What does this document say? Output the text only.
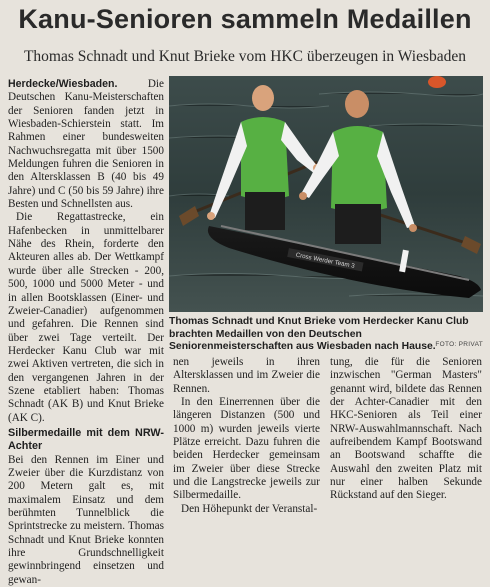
Kanu-Senioren sammeln Medaillen
Thomas Schnadt und Knut Brieke vom HKC überzeugen in Wiesbaden

Herdecke/Wiesbaden. Die Deutschen Kanu-Meisterschaften der Senioren fanden jetzt in Wiesbaden-Schierstein statt. Im Rahmen einer bundesweiten Nachwuchsregatta mit über 1500 Meldungen fuhren die Senioren in den Altersklassen B (40 bis 49 Jahre) und C (50 bis 59 Jahre) ihre Besten und Schnellsten aus.

Die Regattastrecke, ein Hafenbecken in unmittelbarer Nähe des Rhein, forderte den Akteuren alles ab. Der Wettkampf wurde über alle Strecken - 200, 500, 1000 und 5000 Meter - und in allen Bootsklassen (Einer- und Zweier-Canadier) aufgenommen und gefahren. Die Rennen sind über zwei Tage verteilt. Der Herdecker Kanu Club war mit zwei Aktiven vertreten, die sich in den vergangenen Jahren in der Szene etabliert haben: Thomas Schnadt (AK B) und Knut Brieke (AK C).

Silbermedaille mit dem NRW-Achter

Bei den Rennen im Einer und Zweier über die Kurzdistanz von 200 Metern galt es, mit maximalem Einsatz und dem berühmten Tunnelblick die Sprintstrecke zu meistern. Thomas Schnadt und Knut Brieke konnten ihre Grundschnelligkeit gewinnbringend einsetzen und gewan-

Cross Werder Team 3
Thomas Schnadt und Knut Brieke vom Herdecker Kanu Club brachten Medaillen von den Deutschen Seniorenmeisterschaften aus Wiesbaden nach Hause. FOTO: PRIVAT

nen jeweils in ihren Altersklassen und im Zweier die Rennen.

In den Einerrennen über die längeren Distanzen (500 und 1000 m) wurden jeweils vierte Plätze erreicht. Dazu fuhren die beiden Herdecker gemeinsam im Zweier über diese Strecke und die Langstrecke jeweils zur Silbermedaille.

Den Höhepunkt der Veranstal-

tung, die für die Senioren inzwischen "German Masters" genannt wird, bildete das Rennen der Achter-Canadier mit den HKC-Senioren als Teil einer NRW-Auswahlmannschaft. Nach aufreibendem Kampf Bootswand an Bootswand schaffte die Auswahl den zweiten Platz mit nur einer halben Sekunde Rückstand auf den Sieger.
